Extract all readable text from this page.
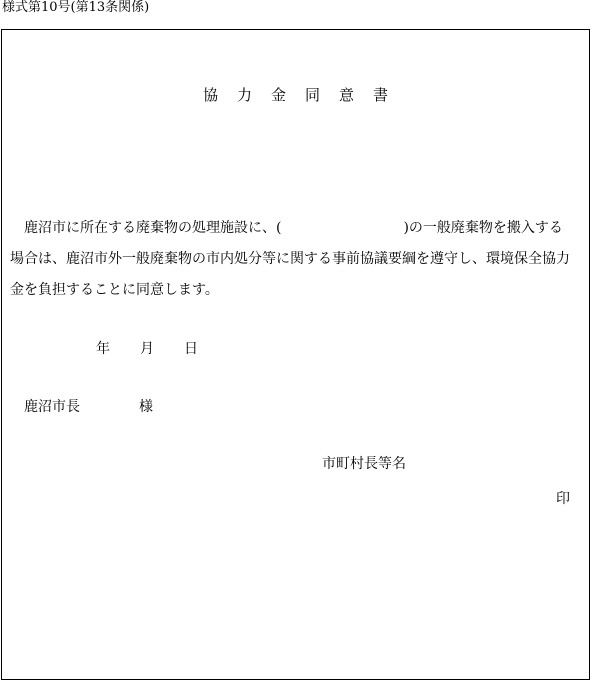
様式第10号(第13条関係)
協 力 金 同 意 書
鹿沼市に所在する廃棄物の処理施設に、(	)の一般廃棄物を搬入する
場合は、鹿沼市外一般廃棄物の市内処分等に関する事前協議要綱を遵守し、環境保全協力
金を負担することに同意します。
年 月 日
鹿沼市長	様
市町村長等名
印
